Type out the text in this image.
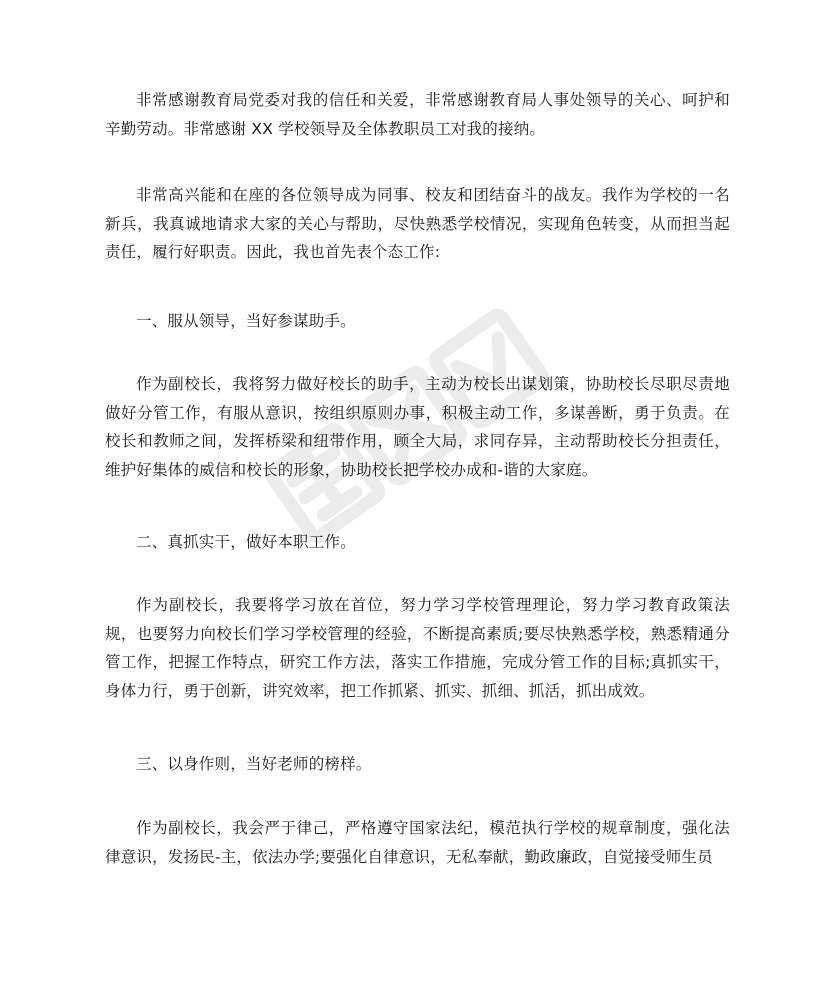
非常感谢教育局党委对我的信任和关爱，非常感谢教育局人事处领导的关心、呵护和辛勤劳动。非常感谢 XX 学校领导及全体教职员工对我的接纳。

非常高兴能和在座的各位领导成为同事、校友和团结奋斗的战友。我作为学校的一名新兵，我真诚地请求大家的关心与帮助，尽快熟悉学校情况，实现角色转变，从而担当起责任，履行好职责。因此，我也首先表个态工作:

一、服从领导，当好参谋助手。

作为副校长，我将努力做好校长的助手，主动为校长出谋划策，协助校长尽职尽责地做好分管工作，有服从意识，按组织原则办事，积极主动工作，多谋善断，勇于负责。在校长和教师之间，发挥桥梁和纽带作用，顾全大局，求同存异，主动帮助校长分担责任，维护好集体的威信和校长的形象，协助校长把学校办成和-谐的大家庭。

二、真抓实干，做好本职工作。

作为副校长，我要将学习放在首位，努力学习学校管理理论，努力学习教育政策法规，也要努力向校长们学习学校管理的经验，不断提高素质;要尽快熟悉学校，熟悉精通分管工作，把握工作特点，研究工作方法，落实工作措施，完成分管工作的目标;真抓实干，身体力行，勇于创新，讲究效率，把工作抓紧、抓实、抓细、抓活，抓出成效。

三、以身作则，当好老师的榜样。

作为副校长，我会严于律己，严格遵守国家法纪，模范执行学校的规章制度，强化法律意识，发扬民-主，依法办学;要强化自律意识，无私奉献，勤政廉政，自觉接受师生员
